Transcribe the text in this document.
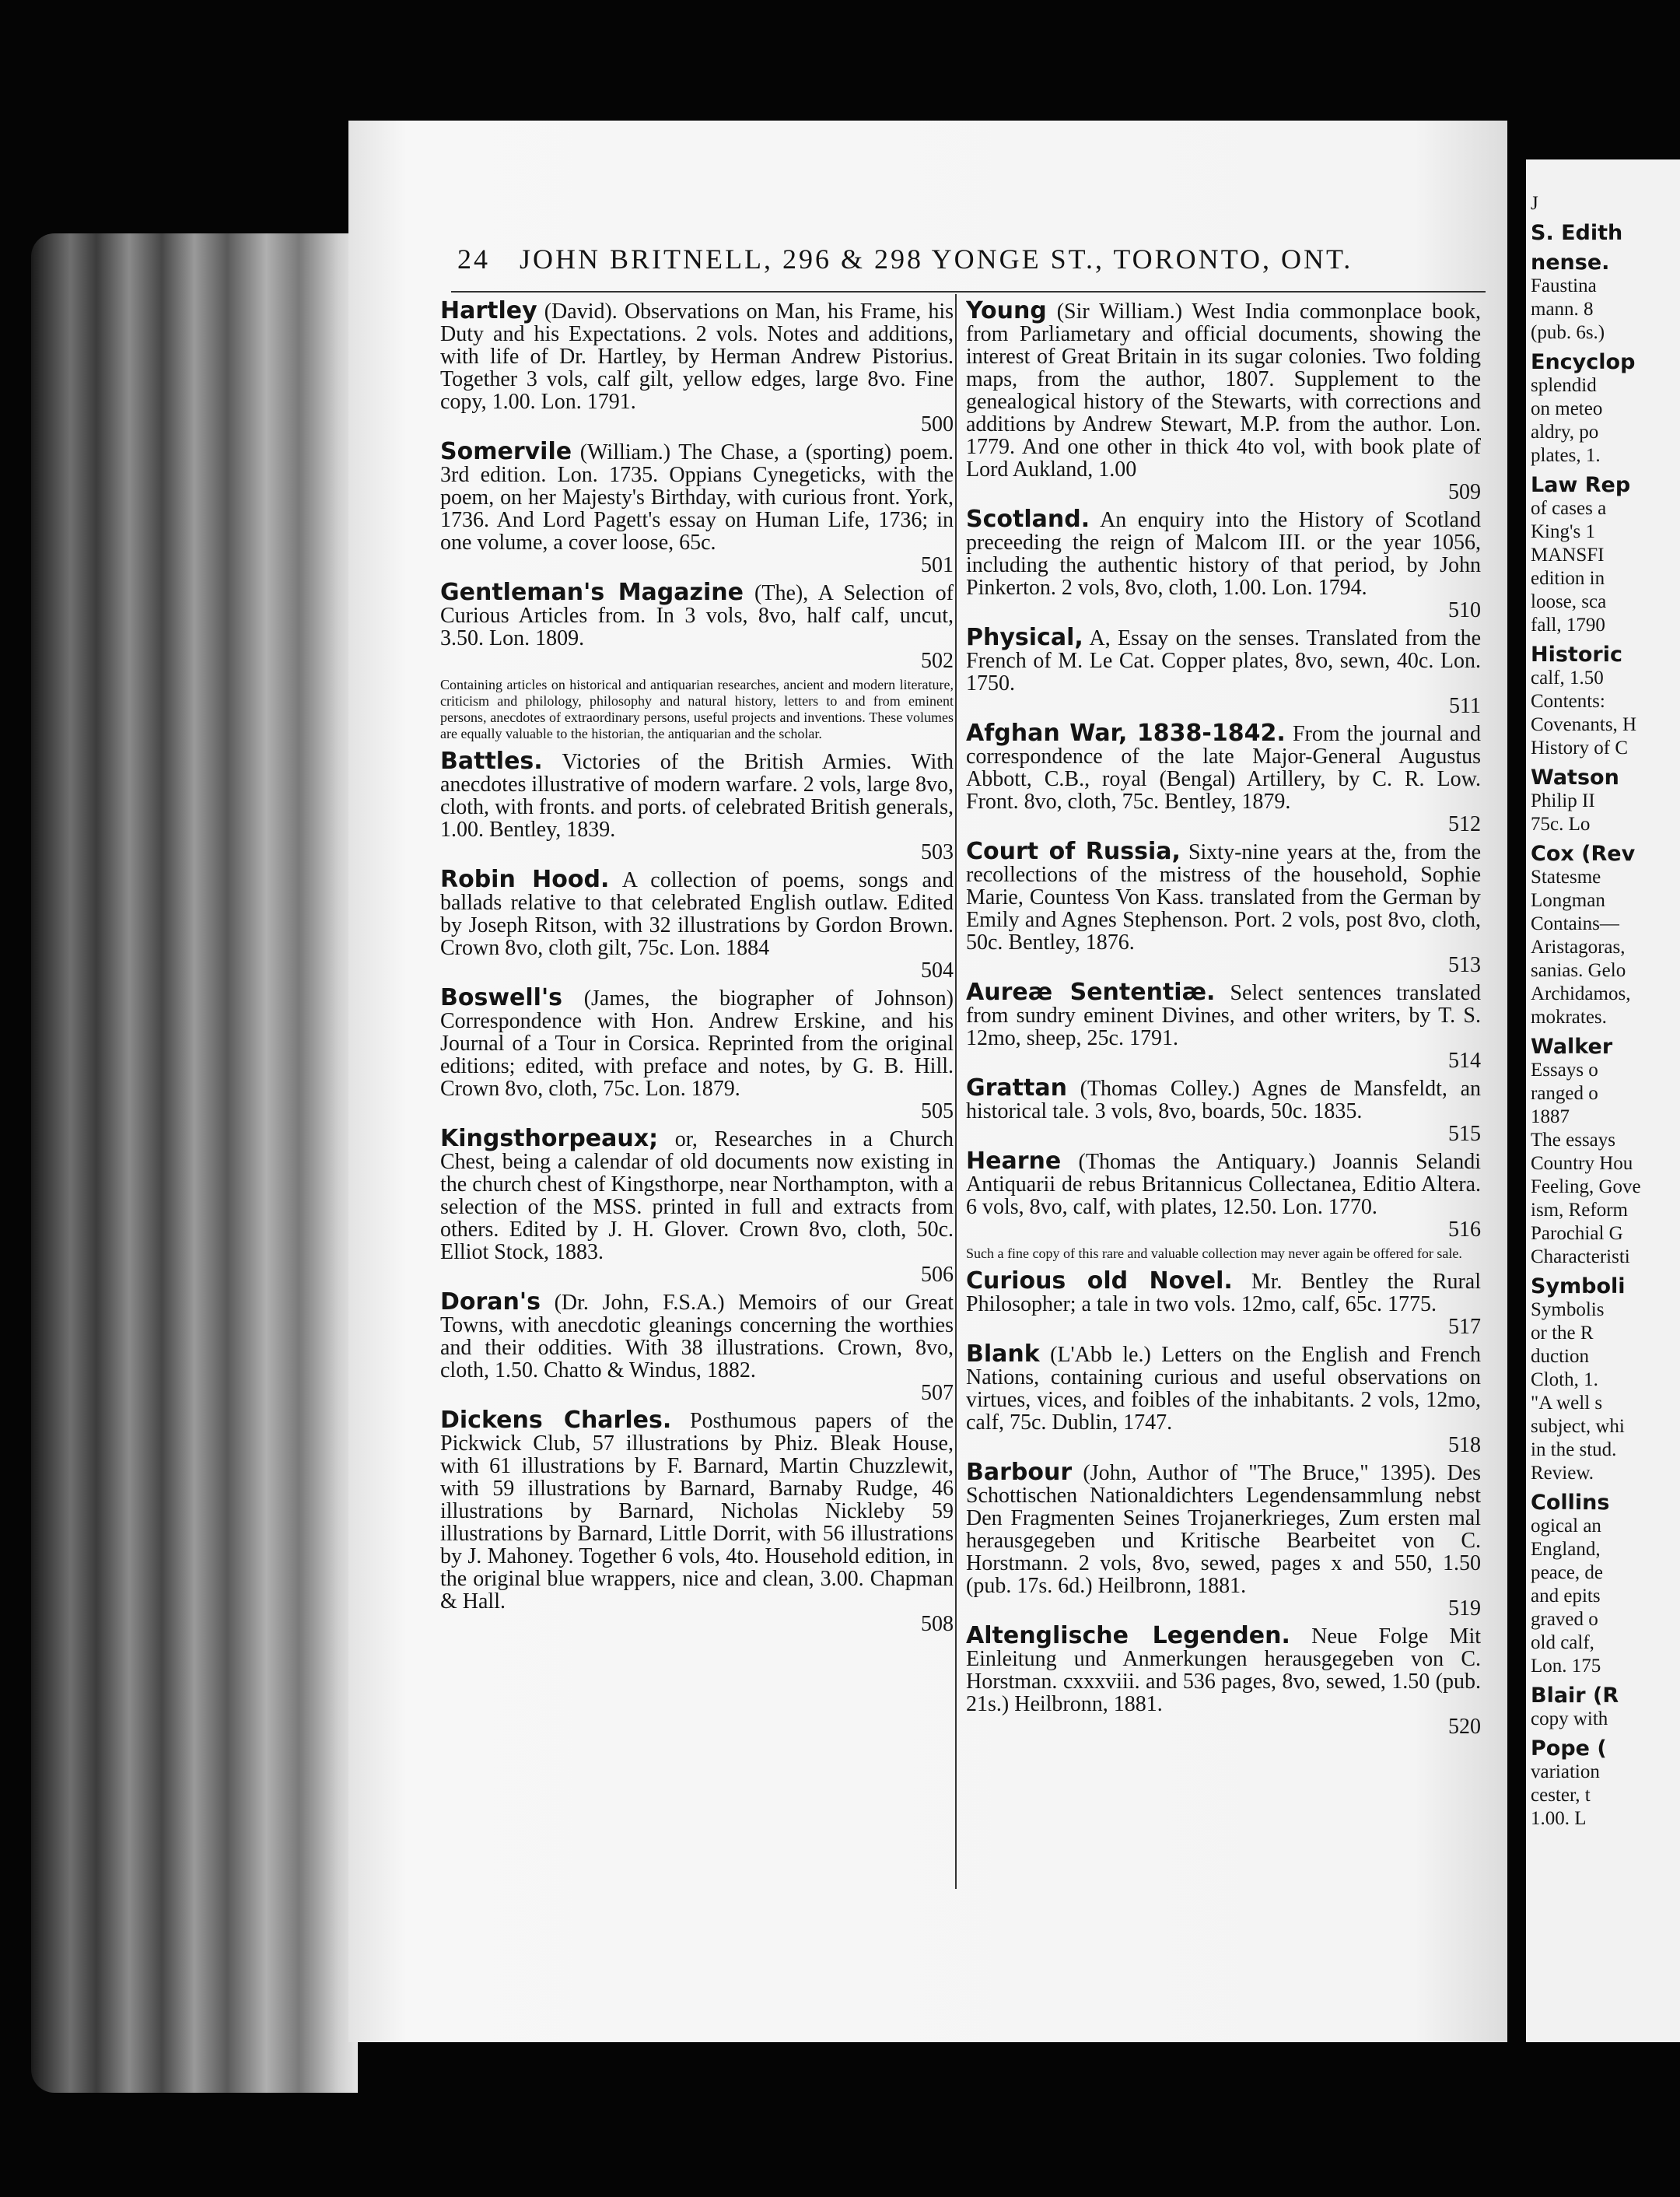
J
S. Edith
nense.
Faustina
mann. 8
(pub. 6s.)
Encyclop
splendid
on meteo
aldry, po
plates, 1.
Law Rep
of cases a
King's 1
MANSFI
edition in
loose, sca
fall, 1790
Historic
calf, 1.50
Contents:
Covenants, H
History of C
Watson
Philip II
75c. Lo
Cox (Rev
Statesme
Longman
Contains—
Aristagoras,
sanias. Gelo
Archidamos,
mokrates.
Walker
Essays o
ranged o
1887
The essays
Country Hou
Feeling, Gove
ism, Reform
Parochial G
Characteristi
Symboli
Symbolis
or the R
duction
Cloth, 1.
"A well s
subject, whi
in the stud.
Review.
Collins
ogical an
England,
peace, de
and epits
graved o
old calf,
Lon. 175
Blair (R
copy with
Pope (
variation
cester, t
1.00. L
24 JOHN BRITNELL, 296 & 298 YONGE ST., TORONTO, ONT.
Hartley (David). Observations on Man, his Frame, his Duty and his Expectations. 2 vols. Notes and additions, with life of Dr. Hartley, by Herman Andrew Pistorius. Together 3 vols, calf gilt, yellow edges, large 8vo. Fine copy, 1.00. Lon. 1791.
500
Somervile (William.) The Chase, a (sporting) poem. 3rd edition. Lon. 1735. Oppians Cynegeticks, with the poem, on her Majesty's Birthday, with curious front. York, 1736. And Lord Pagett's essay on Human Life, 1736; in one volume, a cover loose, 65c.
501
Gentleman's Magazine (The), A Selection of Curious Articles from. In 3 vols, 8vo, half calf, uncut, 3.50. Lon. 1809.
502
Containing articles on historical and antiquarian researches, ancient and modern literature, criticism and philology, philosophy and natural history, letters to and from eminent persons, anecdotes of extraordinary persons, useful projects and inventions. These volumes are equally valuable to the historian, the antiquarian and the scholar.
Battles. Victories of the British Armies. With anecdotes illustrative of modern warfare. 2 vols, large 8vo, cloth, with fronts. and ports. of celebrated British generals, 1.00. Bentley, 1839.
503
Robin Hood. A collection of poems, songs and ballads relative to that celebrated English outlaw. Edited by Joseph Ritson, with 32 illustrations by Gordon Brown. Crown 8vo, cloth gilt, 75c. Lon. 1884
504
Boswell's (James, the biographer of Johnson) Correspondence with Hon. Andrew Erskine, and his Journal of a Tour in Corsica. Reprinted from the original editions; edited, with preface and notes, by G. B. Hill. Crown 8vo, cloth, 75c. Lon. 1879.
505
Kingsthorpeaux; or, Researches in a Church Chest, being a calendar of old documents now existing in the church chest of Kingsthorpe, near Northampton, with a selection of the MSS. printed in full and extracts from others. Edited by J. H. Glover. Crown 8vo, cloth, 50c. Elliot Stock, 1883.
506
Doran's (Dr. John, F.S.A.) Memoirs of our Great Towns, with anecdotic gleanings concerning the worthies and their oddities. With 38 illustrations. Crown, 8vo, cloth, 1.50. Chatto & Windus, 1882.
507
Dickens Charles. Posthumous papers of the Pickwick Club, 57 illustrations by Phiz. Bleak House, with 61 illustrations by F. Barnard, Martin Chuzzlewit, with 59 illustrations by Barnard, Barnaby Rudge, 46 illustrations by Barnard, Nicholas Nickleby 59 illustrations by Barnard, Little Dorrit, with 56 illustrations by J. Mahoney. Together 6 vols, 4to. Household edition, in the original blue wrappers, nice and clean, 3.00. Chapman & Hall.
508
Young (Sir William.) West India commonplace book, from Parliametary and official documents, showing the interest of Great Britain in its sugar colonies. Two folding maps, from the author, 1807. Supplement to the genealogical history of the Stewarts, with corrections and additions by Andrew Stewart, M.P. from the author. Lon. 1779. And one other in thick 4to vol, with book plate of Lord Aukland, 1.00
509
Scotland. An enquiry into the History of Scotland preceeding the reign of Malcom III. or the year 1056, including the authentic history of that period, by John Pinkerton. 2 vols, 8vo, cloth, 1.00. Lon. 1794.
510
Physical, A, Essay on the senses. Translated from the French of M. Le Cat. Copper plates, 8vo, sewn, 40c. Lon. 1750.
511
Afghan War, 1838-1842. From the journal and correspondence of the late Major-General Augustus Abbott, C.B., royal (Bengal) Artillery, by C. R. Low. Front. 8vo, cloth, 75c. Bentley, 1879.
512
Court of Russia, Sixty-nine years at the, from the recollections of the mistress of the household, Sophie Marie, Countess Von Kass. translated from the German by Emily and Agnes Stephenson. Port. 2 vols, post 8vo, cloth, 50c. Bentley, 1876.
513
Aureæ Sententiæ. Select sentences translated from sundry eminent Divines, and other writers, by T. S. 12mo, sheep, 25c. 1791.
514
Grattan (Thomas Colley.) Agnes de Mansfeldt, an historical tale. 3 vols, 8vo, boards, 50c. 1835.
515
Hearne (Thomas the Antiquary.) Joannis Selandi Antiquarii de rebus Britannicus Collectanea, Editio Altera. 6 vols, 8vo, calf, with plates, 12.50. Lon. 1770.
516
Such a fine copy of this rare and valuable collection may never again be offered for sale.
Curious old Novel. Mr. Bentley the Rural Philosopher; a tale in two vols. 12mo, calf, 65c. 1775.
517
Blank (L'Abb le.) Letters on the English and French Nations, containing curious and useful observations on virtues, vices, and foibles of the inhabitants. 2 vols, 12mo, calf, 75c. Dublin, 1747.
518
Barbour (John, Author of "The Bruce," 1395). Des Schottischen Nationaldichters Legendensammlung nebst Den Fragmenten Seines Trojanerkrieges, Zum ersten mal herausgegeben und Kritische Bearbeitet von C. Horstmann. 2 vols, 8vo, sewed, pages x and 550, 1.50 (pub. 17s. 6d.) Heilbronn, 1881.
519
Altenglische Legenden. Neue Folge Mit Einleitung und Anmerkungen herausgegeben von C. Horstman. cxxxviii. and 536 pages, 8vo, sewed, 1.50 (pub. 21s.) Heilbronn, 1881.
520
